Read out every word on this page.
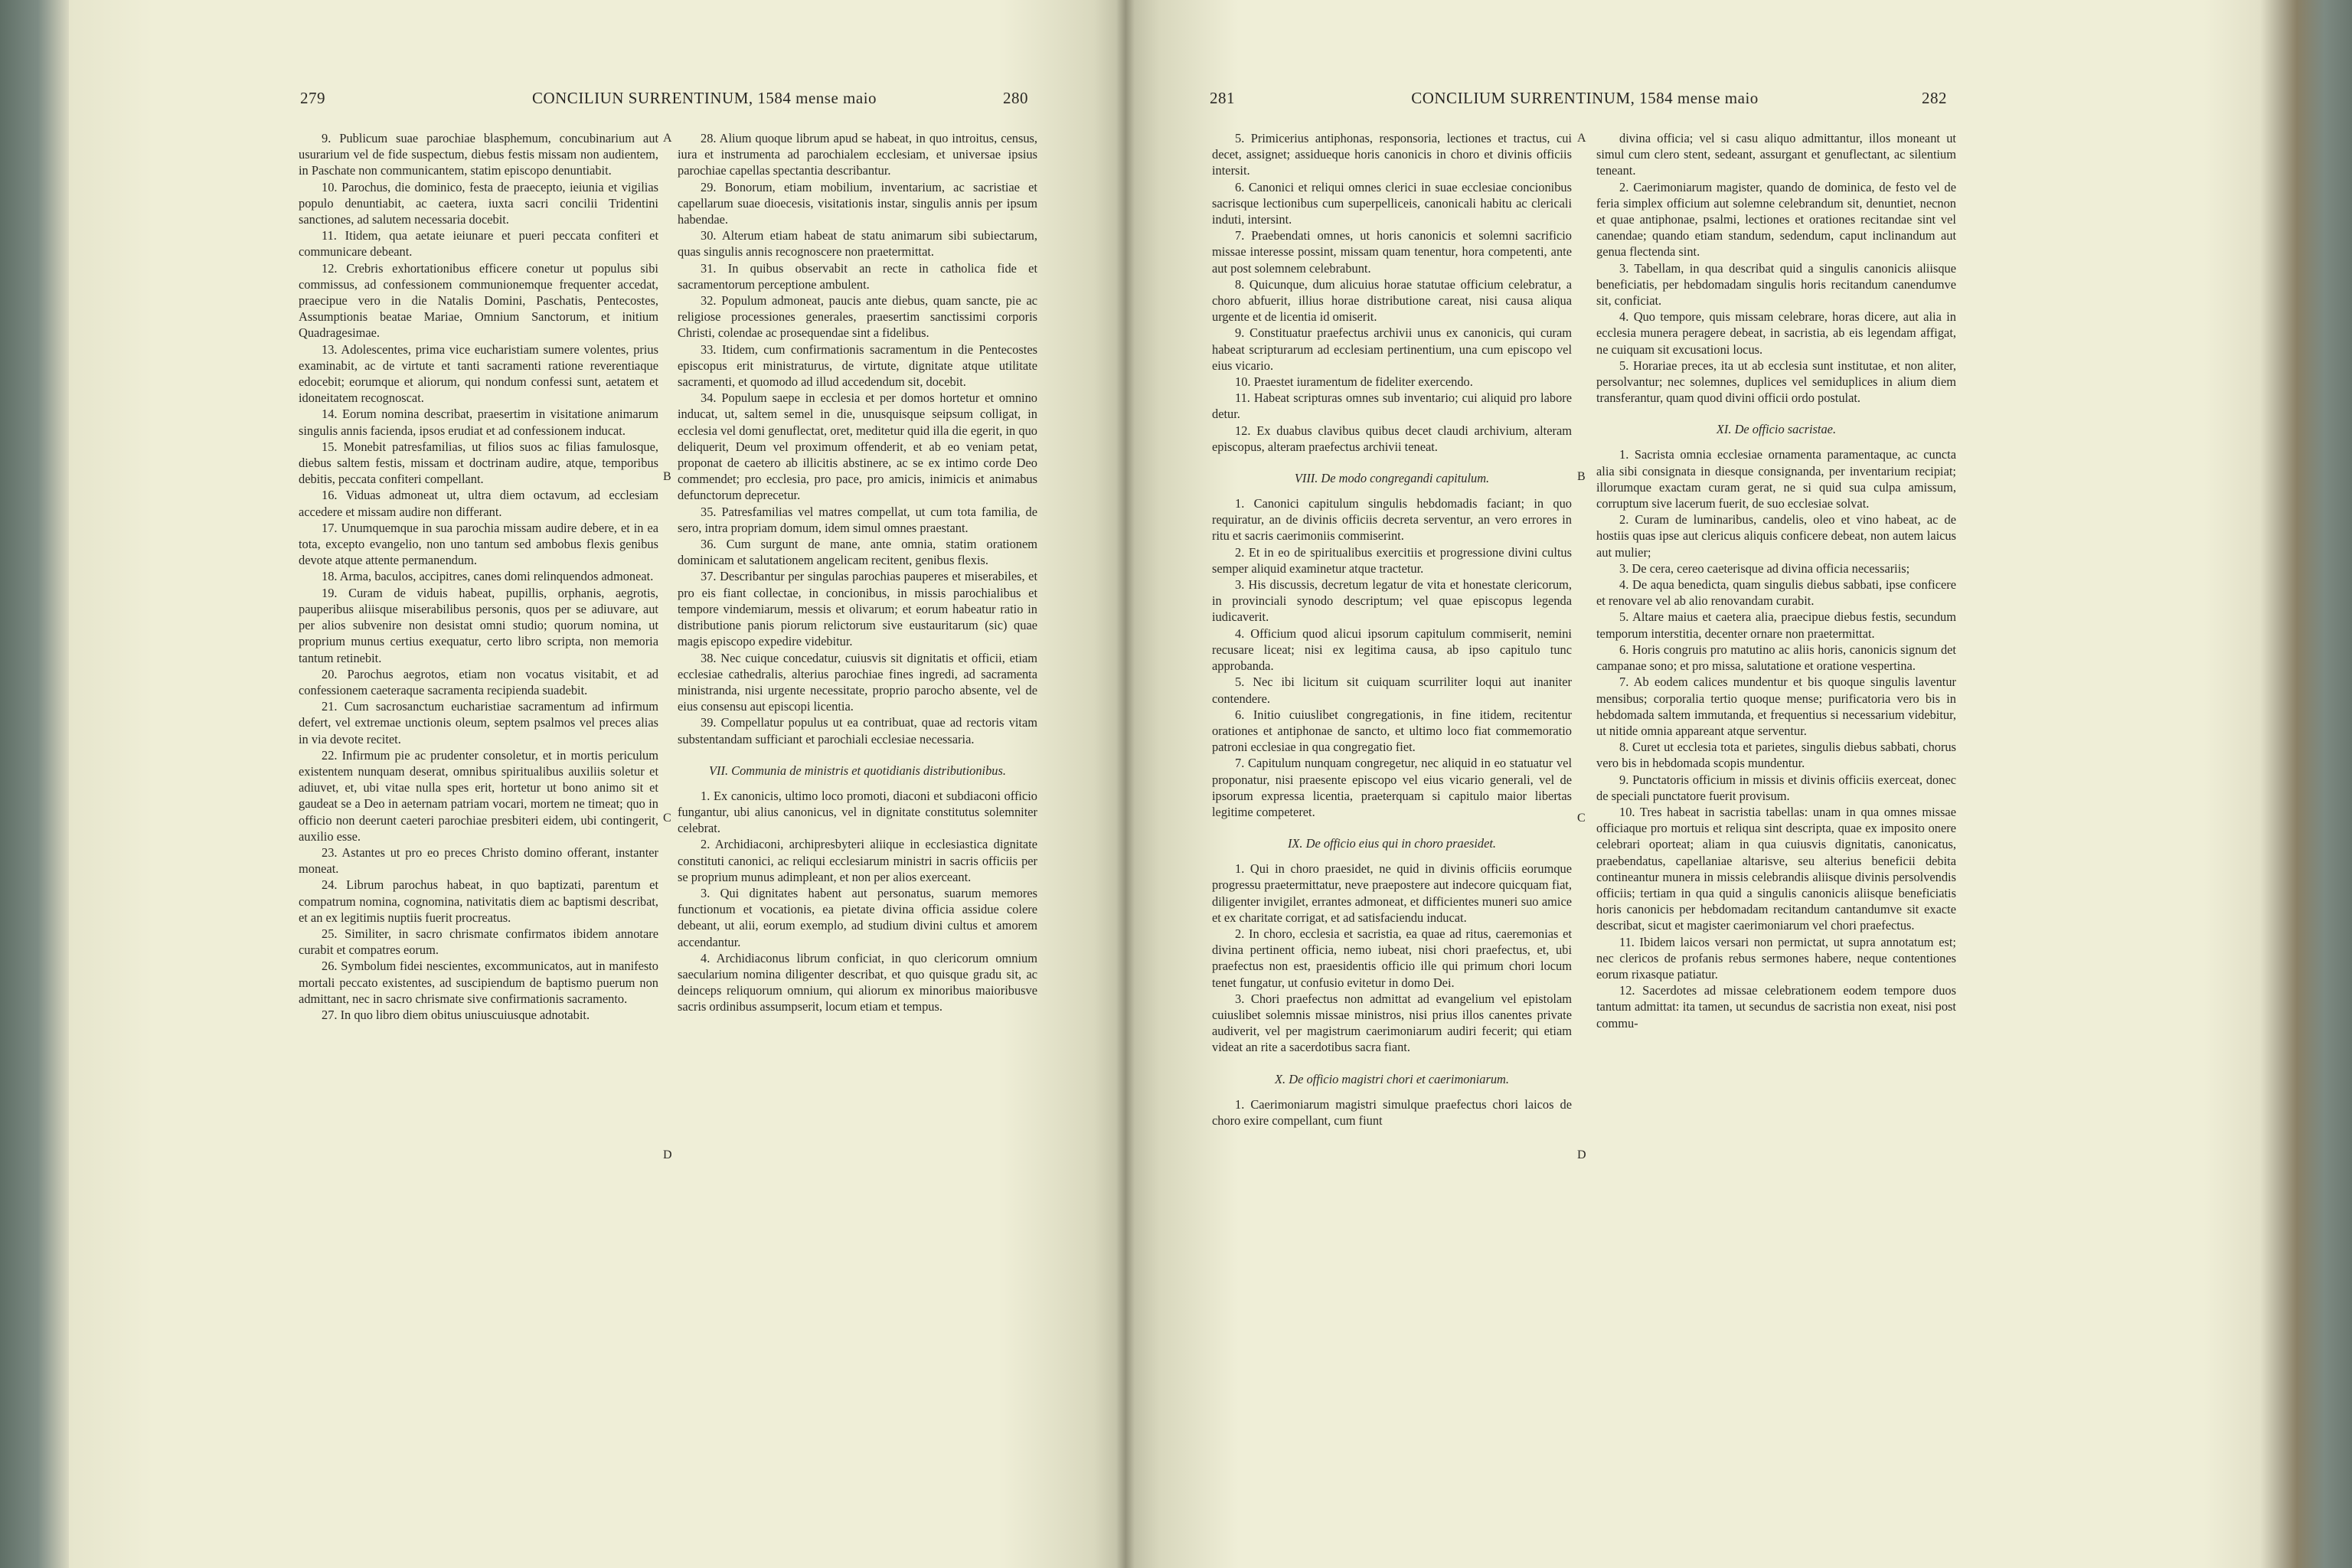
279	CONCILIUN SURRENTINUM, 1584 mense maio	280	281	CONCILIUM SURRENTINUM, 1584 mense maio	282

9. Publicum suae parochiae blasphemum, concubinarium aut usurarium vel de fide suspectum, diebus festis missam non audientem, in Paschate non communicantem, statim episcopo denuntiabit.

10. Parochus, die dominico, festa de praecepto, ieiunia et vigilias populo denuntiabit, ac caetera, iuxta sacri concilii Tridentini sanctiones, ad salutem necessaria docebit.

11. Itidem, qua aetate ieiunare et pueri peccata confiteri et communicare debeant.

12. Crebris exhortationibus efficere conetur ut populus sibi commissus, ad confessionem communionemque frequenter accedat, praecipue vero in die Natalis Domini, Paschatis, Pentecostes, Assumptionis beatae Mariae, Omnium Sanctorum, et initium Quadragesimae.

13. Adolescentes, prima vice eucharistiam sumere volentes, prius examinabit, ac de virtute et tanti sacramenti ratione reverentiaque edocebit; eorumque et aliorum, qui nondum confessi sunt, aetatem et idoneitatem recognoscat.

14. Eorum nomina describat, praesertim in visitatione animarum singulis annis facienda, ipsos erudiat et ad confessionem inducat.

15. Monebit patresfamilias, ut filios suos ac filias famulosque, diebus saltem festis, missam et doctrinam audire, atque, temporibus debitis, peccata confiteri compellant.

16. Viduas admoneat ut, ultra diem octavum, ad ecclesiam accedere et missam audire non differant.

17. Unumquemque in sua parochia missam audire debere, et in ea tota, excepto evangelio, non uno tantum sed ambobus flexis genibus devote atque attente permanendum.

18. Arma, baculos, accipitres, canes domi relinquendos admoneat.

19. Curam de viduis habeat, pupillis, orphanis, aegrotis, pauperibus aliisque miserabilibus personis, quos per se adiuvare, aut per alios subvenire non desistat omni studio; quorum nomina, ut proprium munus certius exequatur, certo libro scripta, non memoria tantum retinebit.

20. Parochus aegrotos, etiam non vocatus visitabit, et ad confessionem caeteraque sacramenta recipienda suadebit.

21. Cum sacrosanctum eucharistiae sacramentum ad infirmum defert, vel extremae unctionis oleum, septem psalmos vel preces alias in via devote recitet.

22. Infirmum pie ac prudenter consoletur, et in mortis periculum existentem nunquam deserat, omnibus spiritualibus auxiliis soletur et adiuvet, et, ubi vitae nulla spes erit, hortetur ut bono animo sit et gaudeat se a Deo in aeternam patriam vocari, mortem ne timeat; quo in officio non deerunt caeteri parochiae presbiteri eidem, ubi contingerit, auxilio esse.

23. Astantes ut pro eo preces Christo domino offerant, instanter moneat.

24. Librum parochus habeat, in quo baptizati, parentum et compatrum nomina, cognomina, nativitatis diem ac baptismi describat, et an ex legitimis nuptiis fuerit procreatus.

25. Similiter, in sacro chrismate confirmatos ibidem annotare curabit et compatres eorum.

26. Symbolum fidei nescientes, excommunicatos, aut in manifesto mortali peccato existentes, ad suscipiendum de baptismo puerum non admittant, nec in sacro chrismate sive confirmationis sacramento.

27. In quo libro diem obitus uniuscuiusque adnotabit.

28. Alium quoque librum apud se habeat, in quo introitus, census, iura et instrumenta ad parochialem ecclesiam, et universae ipsius parochiae capellas spectantia describantur.

29. Bonorum, etiam mobilium, inventarium, ac sacristiae et capellarum suae dioecesis, visitationis instar, singulis annis per ipsum habendae.

30. Alterum etiam habeat de statu animarum sibi subiectarum, quas singulis annis recognoscere non praetermittat.

31. In quibus observabit an recte in catholica fide et sacramentorum perceptione ambulent.

32. Populum admoneat, paucis ante diebus, quam sancte, pie ac religiose processiones generales, praesertim sanctissimi corporis Christi, colendae ac prosequendae sint a fidelibus.

33. Itidem, cum confirmationis sacramentum in die Pentecostes episcopus erit ministraturus, de virtute, dignitate atque utilitate sacramenti, et quomodo ad illud accedendum sit, docebit.

34. Populum saepe in ecclesia et per domos hortetur et omnino inducat, ut, saltem semel in die, unusquisque seipsum colligat, in ecclesia vel domi genuflectat, oret, meditetur quid illa die egerit, in quo deliquerit, Deum vel proximum offenderit, et ab eo veniam petat, proponat de caetero ab illicitis abstinere, ac se ex intimo corde Deo commendet; pro ecclesia, pro pace, pro amicis, inimicis et animabus defunctorum deprecetur.

35. Patresfamilias vel matres compellat, ut cum tota familia, de sero, intra propriam domum, idem simul omnes praestant.

36. Cum surgunt de mane, ante omnia, statim orationem dominicam et salutationem angelicam recitent, genibus flexis.

37. Describantur per singulas parochias pauperes et miserabiles, et pro eis fiant collectae, in concionibus, in missis parochialibus et tempore vindemiarum, messis et olivarum; et eorum habeatur ratio in distributione panis piorum relictorum sive eustauritarum (sic) quae magis episcopo expedire videbitur.

38. Nec cuique concedatur, cuiusvis sit dignitatis et officii, etiam ecclesiae cathedralis, alterius parochiae fines ingredi, ad sacramenta ministranda, nisi urgente necessitate, proprio parocho absente, vel de eius consensu aut episcopi licentia.

39. Compellatur populus ut ea contribuat, quae ad rectoris vitam substentandam sufficiant et parochiali ecclesiae necessaria.

VII. Communia de ministris et quotidianis distributionibus.

1. Ex canonicis, ultimo loco promoti, diaconi et subdiaconi officio fungantur, ubi alius canonicus, vel in dignitate constitutus solemniter celebrat.

2. Archidiaconi, archipresbyteri aliique in ecclesiastica dignitate constituti canonici, ac reliqui ecclesiarum ministri in sacris officiis per se proprium munus adimpleant, et non per alios exerceant.

3. Qui dignitates habent aut personatus, suarum memores functionum et vocationis, ea pietate divina officia assidue colere debeant, ut alii, eorum exemplo, ad studium divini cultus et amorem accendantur.

4. Archidiaconus librum conficiat, in quo clericorum omnium saecularium nomina diligenter describat, et quo quisque gradu sit, ac deinceps reliquorum omnium, qui aliorum ex minoribus maioribusve sacris ordinibus assumpserit, locum etiam et tempus.

5. Primicerius antiphonas, responsoria, lectiones et tractus, cui decet, assignet; assidueque horis canonicis in choro et divinis officiis intersit.

6. Canonici et reliqui omnes clerici in suae ecclesiae concionibus sacrisque lectionibus cum superpelliceis, canonicali habitu ac clericali induti, intersint.

7. Praebendati omnes, ut horis canonicis et solemni sacrificio missae interesse possint, missam quam tenentur, hora competenti, ante aut post solemnem celebrabunt.

8. Quicunque, dum alicuius horae statutae officium celebratur, a choro abfuerit, illius horae distributione careat, nisi causa aliqua urgente et de licentia id omiserit.

9. Constituatur praefectus archivii unus ex canonicis, qui curam habeat scripturarum ad ecclesiam pertinentium, una cum episcopo vel eius vicario.

10. Praestet iuramentum de fideliter exercendo.

11. Habeat scripturas omnes sub inventario; cui aliquid pro labore detur.

12. Ex duabus clavibus quibus decet claudi archivium, alteram episcopus, alteram praefectus archivii teneat.

VIII. De modo congregandi capitulum.

1. Canonici capitulum singulis hebdomadis faciant; in quo requiratur, an de divinis officiis decreta serventur, an vero errores in ritu et sacris caerimoniis commiserint.

2. Et in eo de spiritualibus exercitiis et progressione divini cultus semper aliquid examinetur atque tractetur.

3. His discussis, decretum legatur de vita et honestate clericorum, in provinciali synodo descriptum; vel quae episcopus legenda iudicaverit.

4. Officium quod alicui ipsorum capitulum commiserit, nemini recusare liceat; nisi ex legitima causa, ab ipso capitulo tunc approbanda.

5. Nec ibi licitum sit cuiquam scurriliter loqui aut inaniter contendere.

6. Initio cuiuslibet congregationis, in fine itidem, recitentur orationes et antiphonae de sancto, et ultimo loco fiat commemoratio patroni ecclesiae in qua congregatio fiet.

7. Capitulum nunquam congregetur, nec aliquid in eo statuatur vel proponatur, nisi praesente episcopo vel eius vicario generali, vel de ipsorum expressa licentia, praeterquam si capitulo maior libertas legitime competeret.

IX. De officio eius qui in choro praesidet.

1. Qui in choro praesidet, ne quid in divinis officiis eorumque progressu praetermittatur, neve praepostere aut indecore quicquam fiat, diligenter invigilet, errantes admoneat, et difficientes muneri suo amice et ex charitate corrigat, et ad satisfaciendu inducat.

2. In choro, ecclesia et sacristia, ea quae ad ritus, caeremonias et divina pertinent officia, nemo iubeat, nisi chori praefectus, et, ubi praefectus non est, praesidentis officio ille qui primum chori locum tenet fungatur, ut confusio evitetur in domo Dei.

3. Chori praefectus non admittat ad evangelium vel epistolam cuiuslibet solemnis missae ministros, nisi prius illos canentes private audiverit, vel per magistrum caerimoniarum audiri fecerit; qui etiam videat an rite a sacerdotibus sacra fiant.

X. De officio magistri chori et caerimoniarum.

1. Caerimoniarum magistri simulque praefectus chori laicos de choro exire compellant, cum fiunt

divina officia; vel si casu aliquo admittantur, illos moneant ut simul cum clero stent, sedeant, assurgant et genuflectant, ac silentium teneant.

2. Caerimoniarum magister, quando de dominica, de festo vel de feria simplex officium aut solemne celebrandum sit, denuntiet, necnon et quae antiphonae, psalmi, lectiones et orationes recitandae sint vel canendae; quando etiam standum, sedendum, caput inclinandum aut genua flectenda sint.

3. Tabellam, in qua describat quid a singulis canonicis aliisque beneficiatis, per hebdomadam singulis horis recitandum canendumve sit, conficiat.

4. Quo tempore, quis missam celebrare, horas dicere, aut alia in ecclesia munera peragere debeat, in sacristia, ab eis legendam affigat, ne cuiquam sit excusationi locus.

5. Horariae preces, ita ut ab ecclesia sunt institutae, et non aliter, persolvantur; nec solemnes, duplices vel semiduplices in alium diem transferantur, quam quod divini officii ordo postulat.

XI. De officio sacristae.

1. Sacrista omnia ecclesiae ornamenta paramentaque, ac cuncta alia sibi consignata in diesque consignanda, per inventarium recipiat; illorumque exactam curam gerat, ne si quid sua culpa amissum, corruptum sive lacerum fuerit, de suo ecclesiae solvat.

2. Curam de luminaribus, candelis, oleo et vino habeat, ac de hostiis quas ipse aut clericus aliquis conficere debeat, non autem laicus aut mulier;

3. De cera, cereo caeterisque ad divina officia necessariis;

4. De aqua benedicta, quam singulis diebus sabbati, ipse conficere et renovare vel ab alio renovandam curabit.

5. Altare maius et caetera alia, praecipue diebus festis, secundum temporum interstitia, decenter ornare non praetermittat.

6. Horis congruis pro matutino ac aliis horis, canonicis signum det campanae sono; et pro missa, salutatione et oratione vespertina.

7. Ab eodem calices mundentur et bis quoque singulis laventur mensibus; corporalia tertio quoque mense; purificatoria vero bis in hebdomada saltem immutanda, et frequentius si necessarium videbitur, ut nitide omnia appareant atque serventur.

8. Curet ut ecclesia tota et parietes, singulis diebus sabbati, chorus vero bis in hebdomada scopis mundentur.

9. Punctatoris officium in missis et divinis officiis exerceat, donec de speciali punctatore fuerit provisum.

10. Tres habeat in sacristia tabellas: unam in qua omnes missae officiaque pro mortuis et reliqua sint descripta, quae ex imposito onere celebrari oporteat; aliam in qua cuiusvis dignitatis, canonicatus, praebendatus, capellaniae altarisve, seu alterius beneficii debita contineantur munera in missis celebrandis aliisque divinis persolvendis officiis; tertiam in qua quid a singulis canonicis aliisque beneficiatis horis canonicis per hebdomadam recitandum cantandumve sit exacte describat, sicut et magister caerimoniarum vel chori praefectus.

11. Ibidem laicos versari non permictat, ut supra annotatum est; nec clericos de profanis rebus sermones habere, neque contentiones eorum rixasque patiatur.

12. Sacerdotes ad missae celebrationem eodem tempore duos tantum admittat: ita tamen, ut secundus de sacristia non exeat, nisi post commu-

A
B
C
D
A
B
C
D
